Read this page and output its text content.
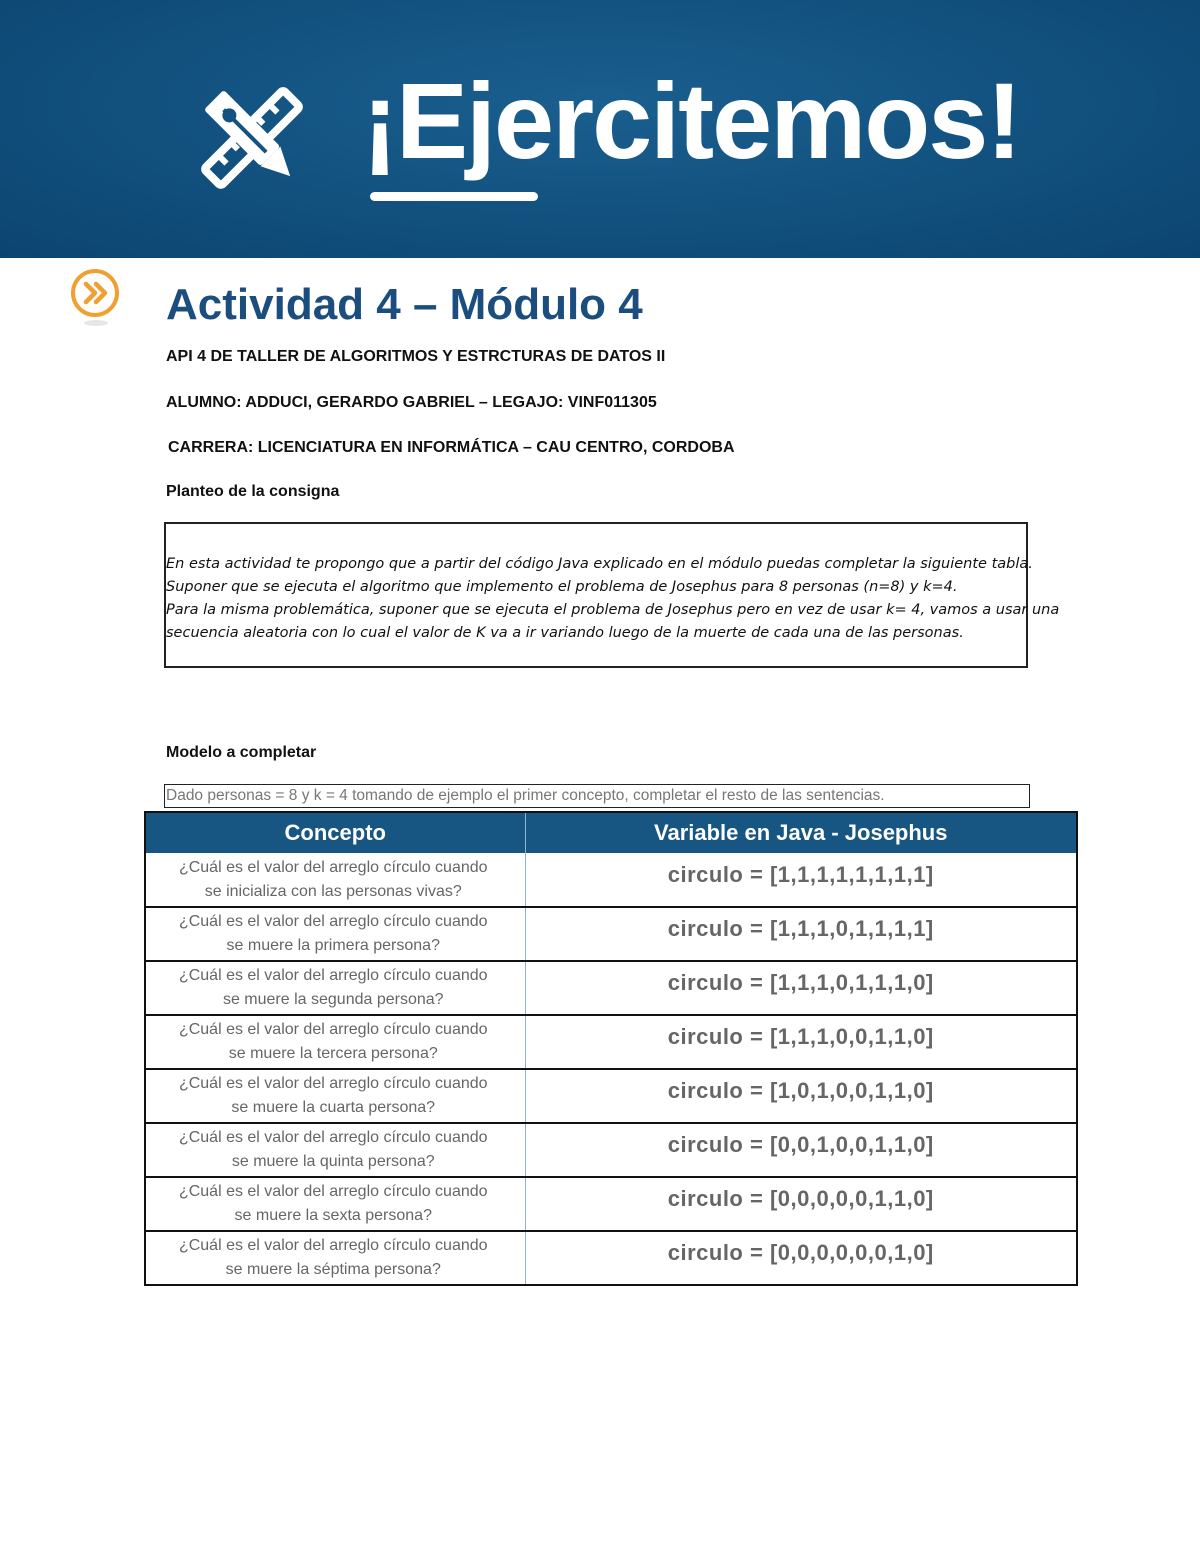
¡Ejercitemos!
Actividad 4 – Módulo 4
API 4 DE TALLER DE ALGORITMOS Y ESTRCTURAS DE DATOS II
ALUMNO: ADDUCI, GERARDO GABRIEL – LEGAJO: VINF011305
CARRERA: LICENCIATURA EN INFORMÁTICA – CAU CENTRO, CORDOBA
Planteo de la consigna
En esta actividad te propongo que a partir del código Java explicado en el módulo puedas completar la siguiente tabla.
Suponer que se ejecuta el algoritmo que implemento el problema de Josephus para 8 personas (n=8) y k=4.
Para la misma problemática, suponer que se ejecuta el problema de Josephus pero en vez de usar k= 4, vamos a usar una
secuencia aleatoria con lo cual el valor de K va a ir variando luego de la muerte de cada una de las personas.
Modelo a completar
Dado personas = 8 y k = 4 tomando de ejemplo el primer concepto, completar el resto de las sentencias.
Concepto	Variable en Java - Josephus
¿Cuál es el valor del arreglo círculo cuando
se inicializa con las personas vivas?	circulo = [1,1,1,1,1,1,1,1]
¿Cuál es el valor del arreglo círculo cuando
se muere la primera persona?	circulo = [1,1,1,0,1,1,1,1]
¿Cuál es el valor del arreglo círculo cuando
se muere la segunda persona?	circulo = [1,1,1,0,1,1,1,0]
¿Cuál es el valor del arreglo círculo cuando
se muere la tercera persona?	circulo = [1,1,1,0,0,1,1,0]
¿Cuál es el valor del arreglo círculo cuando
se muere la cuarta persona?	circulo = [1,0,1,0,0,1,1,0]
¿Cuál es el valor del arreglo círculo cuando
se muere la quinta persona?	circulo = [0,0,1,0,0,1,1,0]
¿Cuál es el valor del arreglo círculo cuando
se muere la sexta persona?	circulo = [0,0,0,0,0,1,1,0]
¿Cuál es el valor del arreglo círculo cuando
se muere la séptima persona?	circulo = [0,0,0,0,0,0,1,0]
